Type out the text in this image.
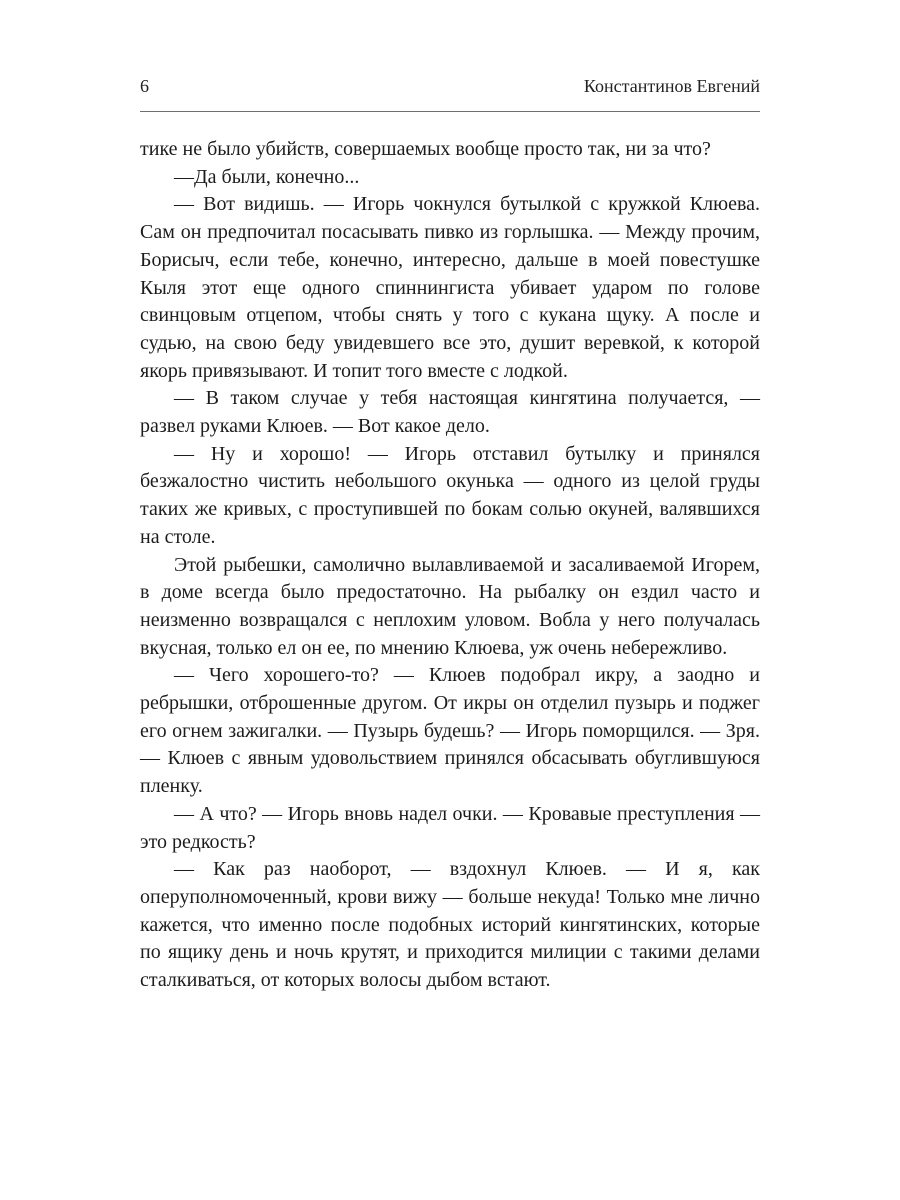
6	Константинов Евгений

тике не было убийств, совершаемых вообще просто так, ни за что?

—Да были, конечно...

— Вот видишь. — Игорь чокнулся бутылкой с кружкой Клюева. Сам он предпочитал посасывать пивко из горлышка. — Между прочим, Борисыч, если тебе, конечно, интересно, дальше в моей повестушке Кыля этот еще одного спиннингиста убивает ударом по голове свинцовым отцепом, чтобы снять у того с кукана щуку. А после и судью, на свою беду увидевшего все это, душит веревкой, к которой якорь привязывают. И топит того вместе с лодкой.

— В таком случае у тебя настоящая кингятина получается, — развел руками Клюев. — Вот какое дело.

— Ну и хорошо! — Игорь отставил бутылку и принялся безжалостно чистить небольшого окунька — одного из целой груды таких же кривых, с проступившей по бокам солью окуней, валявшихся на столе.

Этой рыбешки, самолично вылавливаемой и засаливаемой Игорем, в доме всегда было предостаточно. На рыбалку он ездил часто и неизменно возвращался с неплохим уловом. Вобла у него получалась вкусная, только ел он ее, по мнению Клюева, уж очень небережливо.

— Чего хорошего-то? — Клюев подобрал икру, а заодно и ребрышки, отброшенные другом. От икры он отделил пузырь и поджег его огнем зажигалки. — Пузырь будешь? — Игорь поморщился. — Зря. — Клюев с явным удовольствием принялся обсасывать обуглившуюся пленку.

— А что? — Игорь вновь надел очки. — Кровавые преступления — это редкость?

— Как раз наоборот, — вздохнул Клюев. — И я, как оперуполномоченный, крови вижу — больше некуда! Только мне лично кажется, что именно после подобных историй кингятинских, которые по ящику день и ночь крутят, и приходится милиции с такими делами сталкиваться, от которых волосы дыбом встают.
